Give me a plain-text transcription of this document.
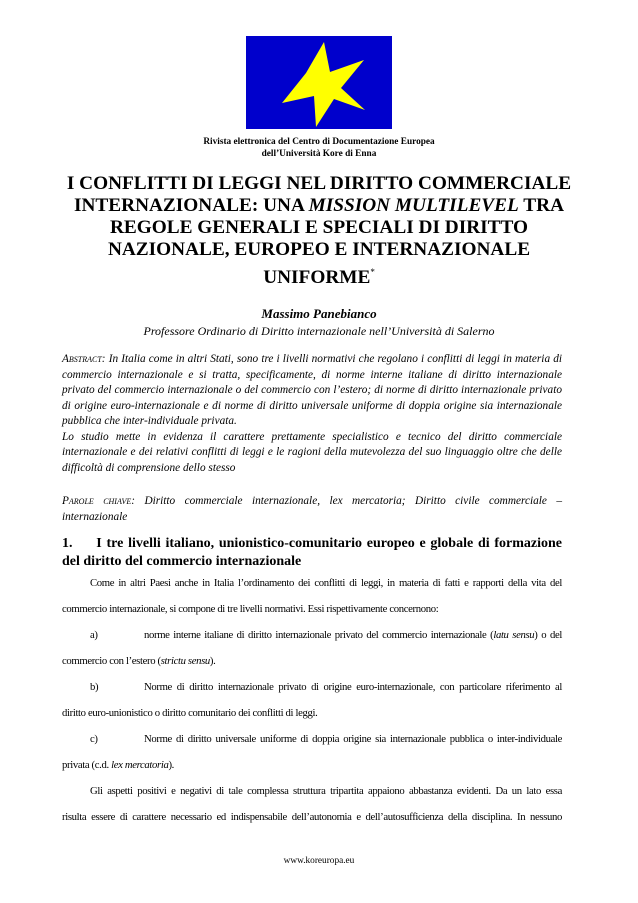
Rivista elettronica del Centro di Documentazione Europea
dell’Università Kore di Enna
I CONFLITTI DI LEGGI NEL DIRITTO COMMERCIALE INTERNAZIONALE: UNA MISSION MULTILEVEL TRA REGOLE GENERALI E SPECIALI DI DIRITTO NAZIONALE, EUROPEO E INTERNAZIONALE UNIFORME*
Massimo Panebianco
Professore Ordinario di Diritto internazionale nell’Università di Salerno

Abstract: In Italia come in altri Stati, sono tre i livelli normativi che regolano i conflitti di leggi in materia di commercio internazionale e si tratta, specificamente, di norme interne italiane di diritto internazionale privato del commercio internazionale o del commercio con l’estero; di norme di diritto internazionale privato di origine euro-internazionale e di norme di diritto universale uniforme di doppia origine sia internazionale pubblica che inter-individuale privata.

Lo studio mette in evidenza il carattere prettamente specialistico e tecnico del diritto commerciale internazionale e dei relativi conflitti di leggi e le ragioni della mutevolezza del suo linguaggio oltre che delle difficoltà di comprensione dello stesso

Parole chiave: Diritto commerciale internazionale, lex mercatoria; Diritto civile commerciale – internazionale
1. I tre livelli italiano, unionistico-comunitario europeo e globale di formazione del diritto del commercio internazionale
Come in altri Paesi anche in Italia l’ordinamento dei conflitti di leggi, in materia di fatti e rapporti della vita del
commercio internazionale, si compone di tre livelli normativi. Essi rispettivamente concernono:
a)	norme interne italiane di diritto internazionale privato del commercio internazionale (latu sensu) o del
commercio con l’estero (strictu sensu).
b)	Norme di diritto internazionale privato di origine euro-internazionale, con particolare riferimento al
diritto euro-unionistico o diritto comunitario dei conflitti di leggi.
c)	Norme di diritto universale uniforme di doppia origine sia internazionale pubblica o inter-individuale
privata (c.d. lex mercatoria).
Gli aspetti positivi e negativi di tale complessa struttura tripartita appaiono abbastanza evidenti. Da un lato essa
risulta essere di carattere necessario ed indispensabile dell’autonomia e dell’autosufficienza della disciplina. In nessuno
www.koreuropa.eu
